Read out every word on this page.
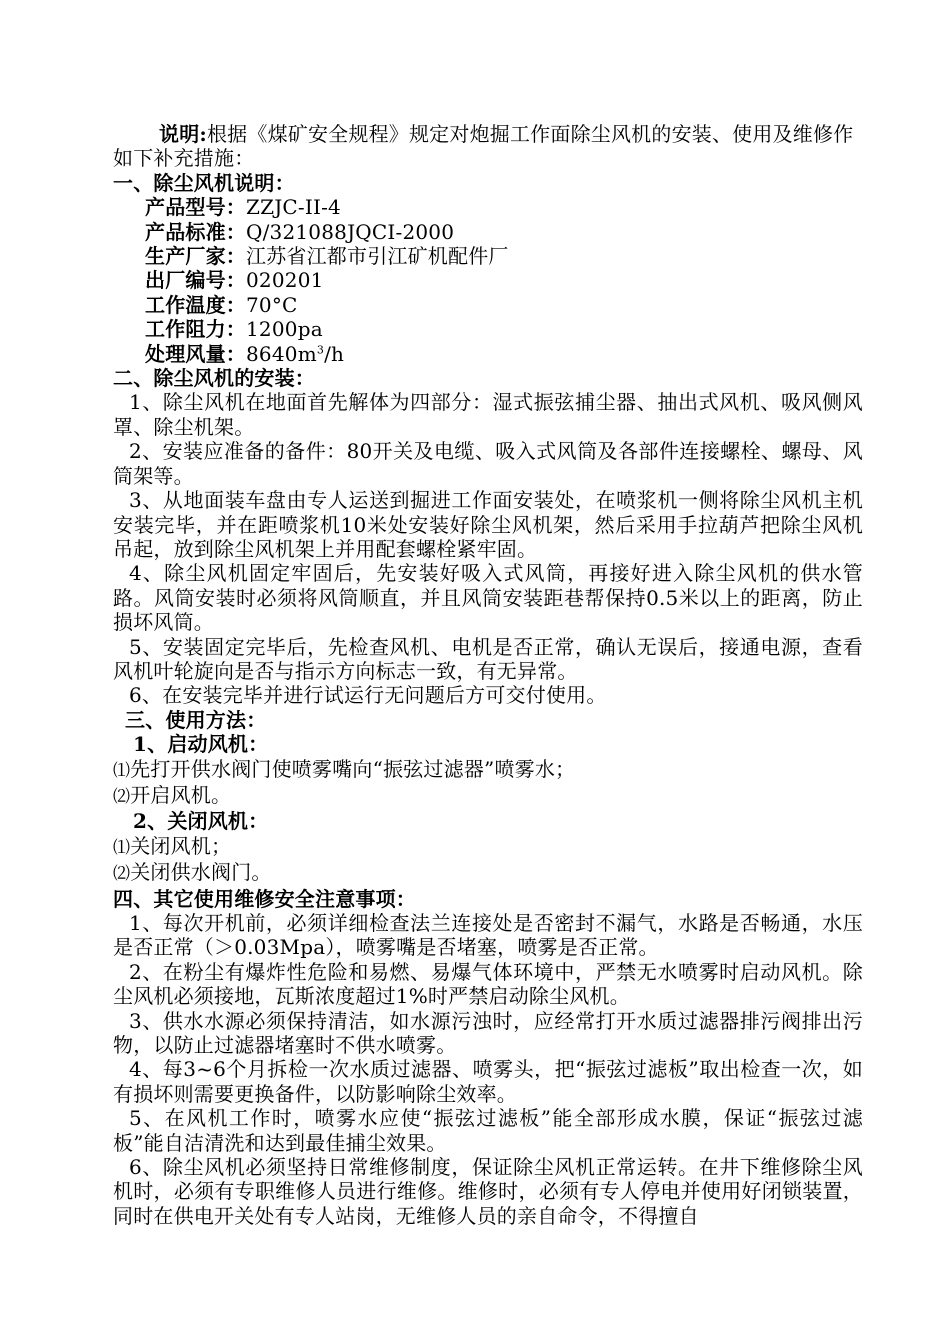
说明:根据《煤矿安全规程》规定对炮掘工作面除尘风机的安装、使用及维修作如下补充措施：

一、除尘风机说明：

产品型号：ZZJC-II-4

产品标准：Q/321088JQCI-2000

生产厂家：江苏省江都市引江矿机配件厂

出厂编号：020201

工作温度：70°C

工作阻力：1200pa

处理风量：$8640m^3/h$

二、除尘风机的安装：

1、除尘风机在地面首先解体为四部分：湿式振弦捕尘器、抽出式风机、吸风侧风罩、除尘机架。

2、安装应准备的备件：80开关及电缆、吸入式风筒及各部件连接螺栓、螺母、风筒架等。

3、从地面装车盘由专人运送到掘进工作面安装处，在喷浆机一侧将除尘风机主机安装完毕，并在距喷浆机10米处安装好除尘风机架，然后采用手拉葫芦把除尘风机吊起，放到除尘风机架上并用配套螺栓紧牢固。

4、除尘风机固定牢固后，先安装好吸入式风筒，再接好进入除尘风机的供水管路。风筒安装时必须将风筒顺直，并且风筒安装距巷帮保持0.5米以上的距离，防止损坏风筒。

5、安装固定完毕后，先检查风机、电机是否正常，确认无误后，接通电源，查看风机叶轮旋向是否与指示方向标志一致，有无异常。

6、在安装完毕并进行试运行无问题后方可交付使用。

三、使用方法：

1、启动风机：

⑴先打开供水阀门使喷雾嘴向“振弦过滤器”喷雾水；

⑵开启风机。

2、关闭风机：

⑴关闭风机；

⑵关闭供水阀门。

四、其它使用维修安全注意事项：

1、每次开机前，必须详细检查法兰连接处是否密封不漏气，水路是否畅通，水压是否正常（＞0.03Mpa），喷雾嘴是否堵塞，喷雾是否正常。

2、在粉尘有爆炸性危险和易燃、易爆气体环境中，严禁无水喷雾时启动风机。除尘风机必须接地，瓦斯浓度超过1%时严禁启动除尘风机。

3、供水水源必须保持清洁，如水源污浊时，应经常打开水质过滤器排污阀排出污物，以防止过滤器堵塞时不供水喷雾。

4、每3~6个月拆检一次水质过滤器、喷雾头，把“振弦过滤板”取出检查一次，如有损坏则需要更换备件，以防影响除尘效率。

5、在风机工作时，喷雾水应使“振弦过滤板”能全部形成水膜，保证“振弦过滤板”能自洁清洗和达到最佳捕尘效果。

6、除尘风机必须坚持日常维修制度，保证除尘风机正常运转。在井下维修除尘风机时，必须有专职维修人员进行维修。维修时，必须有专人停电并使用好闭锁装置，同时在供电开关处有专人站岗，无维修人员的亲自命令，不得擅自
